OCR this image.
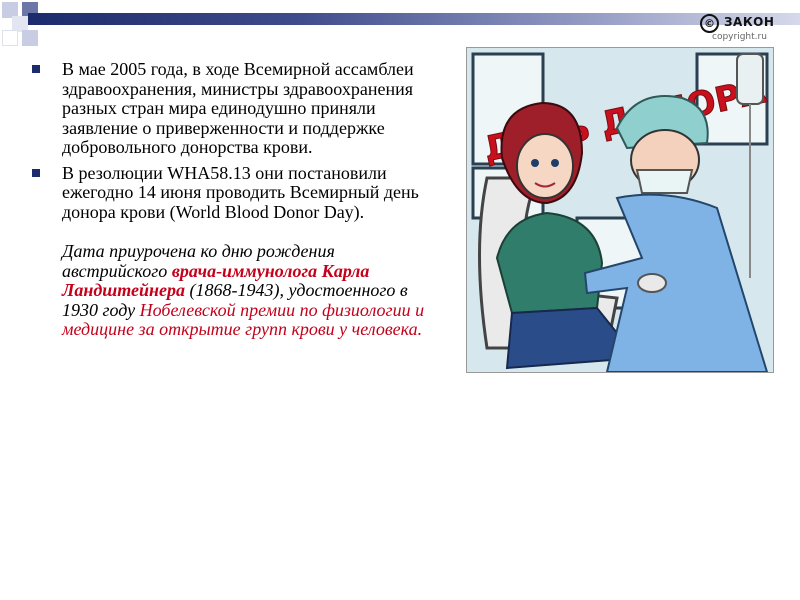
© ЗАКОН
copyright.ru
В мае 2005 года, в ходе Всемирной ассамблеи здравоохранения, министры здравоохранения разных стран мира единодушно приняли заявление о приверженности и поддержке добровольного донорства крови.
В резолюции WHA58.13 они постановили ежегодно 14 июня проводить Всемирный день донора крови (World Blood Donor Day).
Дата приурочена ко дню рождения австрийского врача-иммунолога Карла Ландштейнера (1868-1943), удостоенного в 1930 году Нобелевской премии по физиологии и медицине за открытие групп крови у человека.
